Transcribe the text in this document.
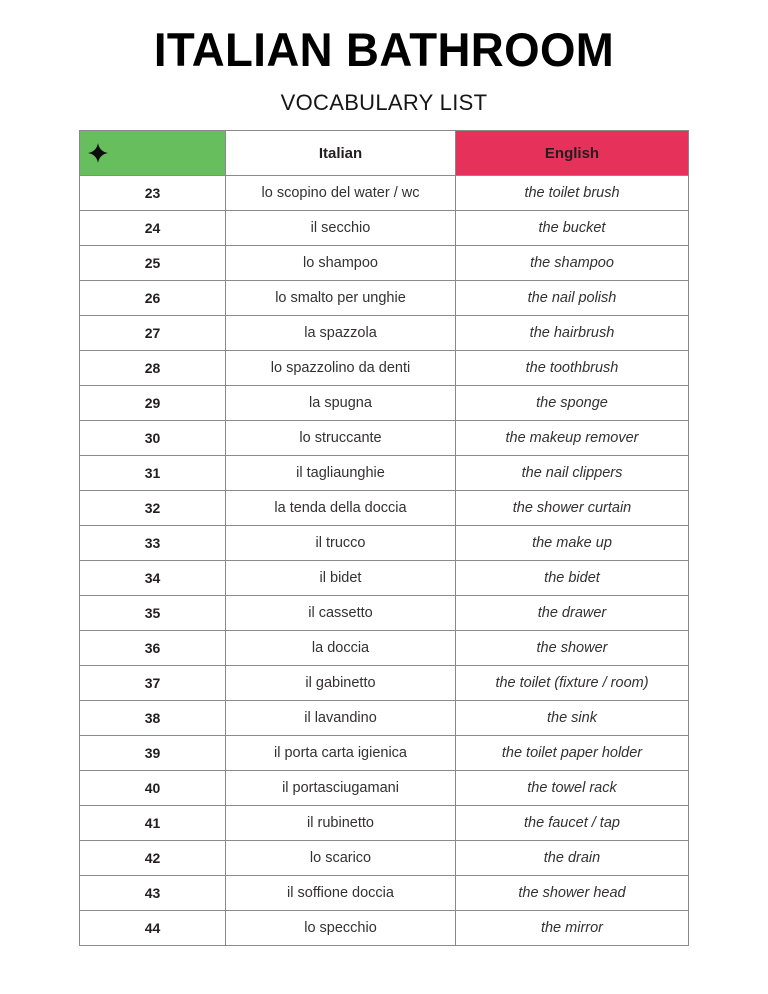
ITALIAN BATHROOM
VOCABULARY LIST
	Italian	English
23	lo scopino del water / wc	the toilet brush
24	il secchio	the bucket
25	lo shampoo	the shampoo
26	lo smalto per unghie	the nail polish
27	la spazzola	the hairbrush
28	lo spazzolino da denti	the toothbrush
29	la spugna	the sponge
30	lo struccante	the makeup remover
31	il tagliaunghie	the nail clippers
32	la tenda della doccia	the shower curtain
33	il trucco	the make up
34	il bidet	the bidet
35	il cassetto	the drawer
36	la doccia	the shower
37	il gabinetto	the toilet (fixture / room)
38	il lavandino	the sink
39	il porta carta igienica	the toilet paper holder
40	il portasciugamani	the towel rack
41	il rubinetto	the faucet / tap
42	lo scarico	the drain
43	il soffione doccia	the shower head
44	lo specchio	the mirror
